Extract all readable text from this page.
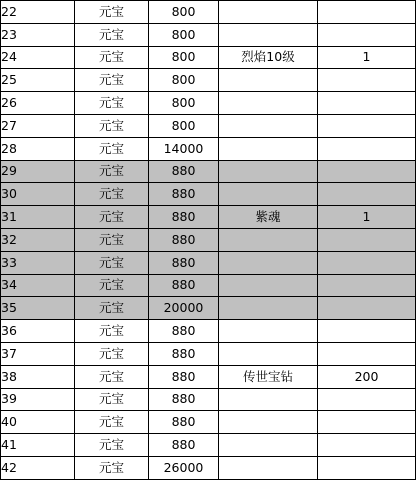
22	元宝	800		
23	元宝	800		
24	元宝	800	烈焰10级	1
25	元宝	800		
26	元宝	800		
27	元宝	800		
28	元宝	14000		
29	元宝	880		
30	元宝	880		
31	元宝	880	紫魂	1
32	元宝	880		
33	元宝	880		
34	元宝	880		
35	元宝	20000		
36	元宝	880		
37	元宝	880		
38	元宝	880	传世宝钻	200
39	元宝	880		
40	元宝	880		
41	元宝	880		
42	元宝	26000		
